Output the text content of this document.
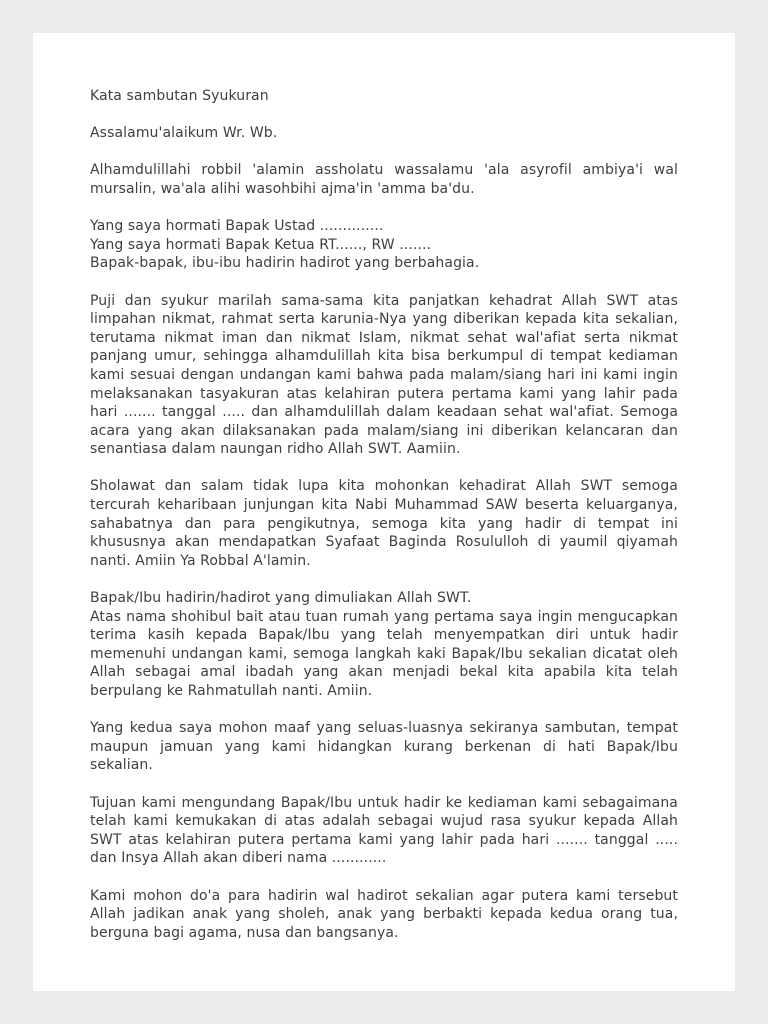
Kata sambutan Syukuran
Assalamu'alaikum Wr. Wb.
Alhamdulillahi robbil 'alamin assholatu wassalamu 'ala asyrofil ambiya'i wal mursalin, wa'ala alihi wasohbihi ajma'in 'amma ba'du.
Yang saya hormati Bapak Ustad ..............
Yang saya hormati Bapak Ketua RT......, RW .......
Bapak-bapak, ibu-ibu hadirin hadirot yang berbahagia.
Puji dan syukur marilah sama-sama kita panjatkan kehadrat Allah SWT atas limpahan nikmat, rahmat serta karunia-Nya yang diberikan kepada kita sekalian, terutama nikmat iman dan nikmat Islam, nikmat sehat wal'afiat serta nikmat panjang umur, sehingga alhamdulillah kita bisa berkumpul di tempat kediaman kami sesuai dengan undangan kami bahwa pada malam/siang hari ini kami ingin melaksanakan tasyakuran atas kelahiran putera pertama kami yang lahir pada hari ....... tanggal ..... dan alhamdulillah dalam keadaan sehat wal'afiat. Semoga acara yang akan dilaksanakan pada malam/siang ini diberikan kelancaran dan senantiasa dalam naungan ridho Allah SWT. Aamiin.
Sholawat dan salam tidak lupa kita mohonkan kehadirat Allah SWT semoga tercurah keharibaan junjungan kita Nabi Muhammad SAW beserta keluarganya, sahabatnya dan para pengikutnya, semoga kita yang hadir di tempat ini khususnya akan mendapatkan Syafaat Baginda Rosululloh di yaumil qiyamah nanti. Amiin Ya Robbal A'lamin.
Bapak/Ibu hadirin/hadirot yang dimuliakan Allah SWT.
Atas nama shohibul bait atau tuan rumah yang pertama saya ingin mengucapkan terima kasih kepada Bapak/Ibu yang telah menyempatkan diri untuk hadir memenuhi undangan kami, semoga langkah kaki Bapak/Ibu sekalian dicatat oleh Allah sebagai amal ibadah yang akan menjadi bekal kita apabila kita telah berpulang ke Rahmatullah nanti. Amiin.
Yang kedua saya mohon maaf yang seluas-luasnya sekiranya sambutan, tempat maupun jamuan yang kami hidangkan kurang berkenan di hati Bapak/Ibu sekalian.
Tujuan kami mengundang Bapak/Ibu untuk hadir ke kediaman kami sebagaimana telah kami kemukakan di atas adalah sebagai wujud rasa syukur kepada Allah SWT atas kelahiran putera pertama kami yang lahir pada hari ....... tanggal ..... dan Insya Allah akan diberi nama ............
Kami mohon do'a para hadirin wal hadirot sekalian agar putera kami tersebut Allah jadikan anak yang sholeh, anak yang berbakti kepada kedua orang tua, berguna bagi agama, nusa dan bangsanya.
